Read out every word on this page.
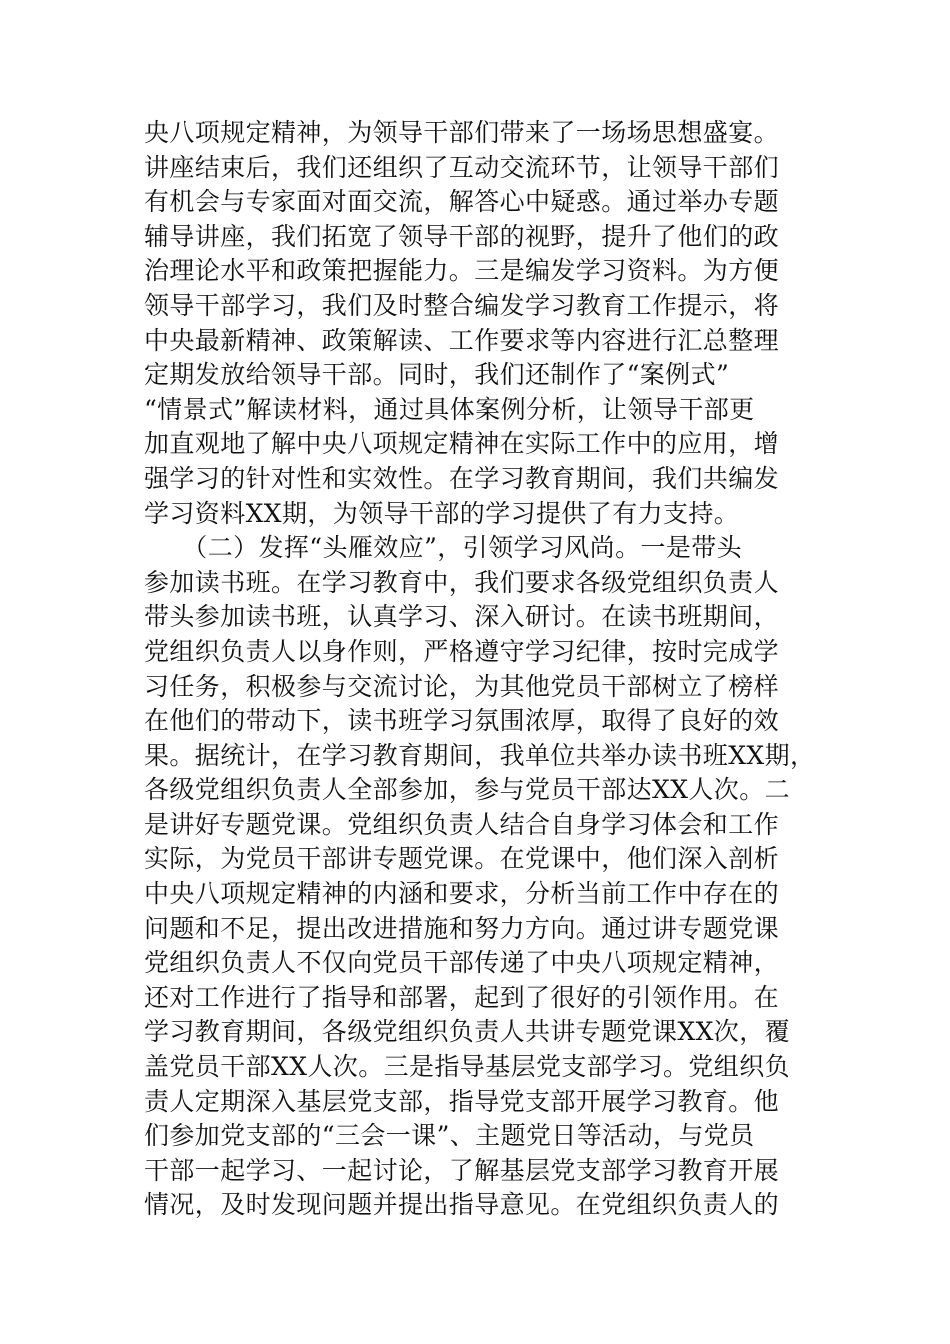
央八项规定精神，为领导干部们带来了一场场思想盛宴。
讲座结束后，我们还组织了互动交流环节，让领导干部们
有机会与专家面对面交流，解答心中疑惑。通过举办专题
辅导讲座，我们拓宽了领导干部的视野，提升了他们的政
治理论水平和政策把握能力。三是编发学习资料。为方便
领导干部学习，我们及时整合编发学习教育工作提示，将
中央最新精神、政策解读、工作要求等内容进行汇总整理
定期发放给领导干部。同时，我们还制作了“案例式”
“情景式”解读材料，通过具体案例分析，让领导干部更
加直观地了解中央八项规定精神在实际工作中的应用，增
强学习的针对性和实效性。在学习教育期间，我们共编发
学习资料XX期，为领导干部的学习提供了有力支持。
　　（二）发挥“头雁效应”，引领学习风尚。一是带头
参加读书班。在学习教育中，我们要求各级党组织负责人
带头参加读书班，认真学习、深入研讨。在读书班期间，
党组织负责人以身作则，严格遵守学习纪律，按时完成学
习任务，积极参与交流讨论，为其他党员干部树立了榜样
在他们的带动下，读书班学习氛围浓厚，取得了良好的效
果。据统计，在学习教育期间，我单位共举办读书班XX期，
各级党组织负责人全部参加，参与党员干部达XX人次。二
是讲好专题党课。党组织负责人结合自身学习体会和工作
实际，为党员干部讲专题党课。在党课中，他们深入剖析
中央八项规定精神的内涵和要求，分析当前工作中存在的
问题和不足，提出改进措施和努力方向。通过讲专题党课
党组织负责人不仅向党员干部传递了中央八项规定精神，
还对工作进行了指导和部署，起到了很好的引领作用。在
学习教育期间，各级党组织负责人共讲专题党课XX次，覆
盖党员干部XX人次。三是指导基层党支部学习。党组织负
责人定期深入基层党支部，指导党支部开展学习教育。他
们参加党支部的“三会一课”、主题党日等活动，与党员
干部一起学习、一起讨论，了解基层党支部学习教育开展
情况，及时发现问题并提出指导意见。在党组织负责人的
